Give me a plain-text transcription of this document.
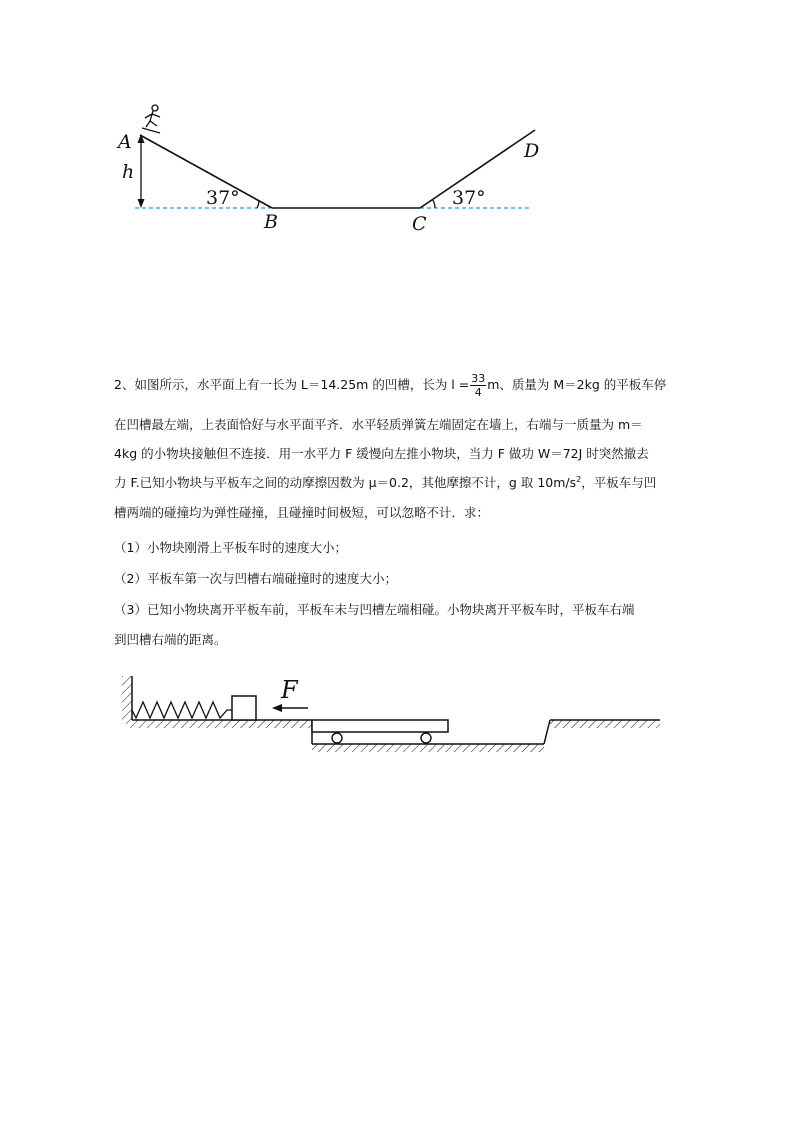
A
h
B	C
D
37°	37°

2、如图所示，水平面上有一长为 L＝14.25m 的凹槽，长为 $l = \frac{33}{4}$ m、质量为 M＝2kg 的平板车停

在凹槽最左端，上表面恰好与水平面平齐．水平轻质弹簧左端固定在墙上，右端与一质量为 m＝

4kg 的小物块接触但不连接．用一水平力 F 缓慢向左推小物块，当力 F 做功 W＝72J 时突然撤去

力 F.已知小物块与平板车之间的动摩擦因数为 μ＝0.2，其他摩擦不计，g 取 $10m/s^2$，平板车与凹

槽两端的碰撞均为弹性碰撞，且碰撞时间极短，可以忽略不计．求：

（1）小物块刚滑上平板车时的速度大小；

（2）平板车第一次与凹槽右端碰撞时的速度大小；

（3）已知小物块离开平板车前，平板车未与凹槽左端相碰。小物块离开平板车时，平板车右端

到凹槽右端的距离。

F
